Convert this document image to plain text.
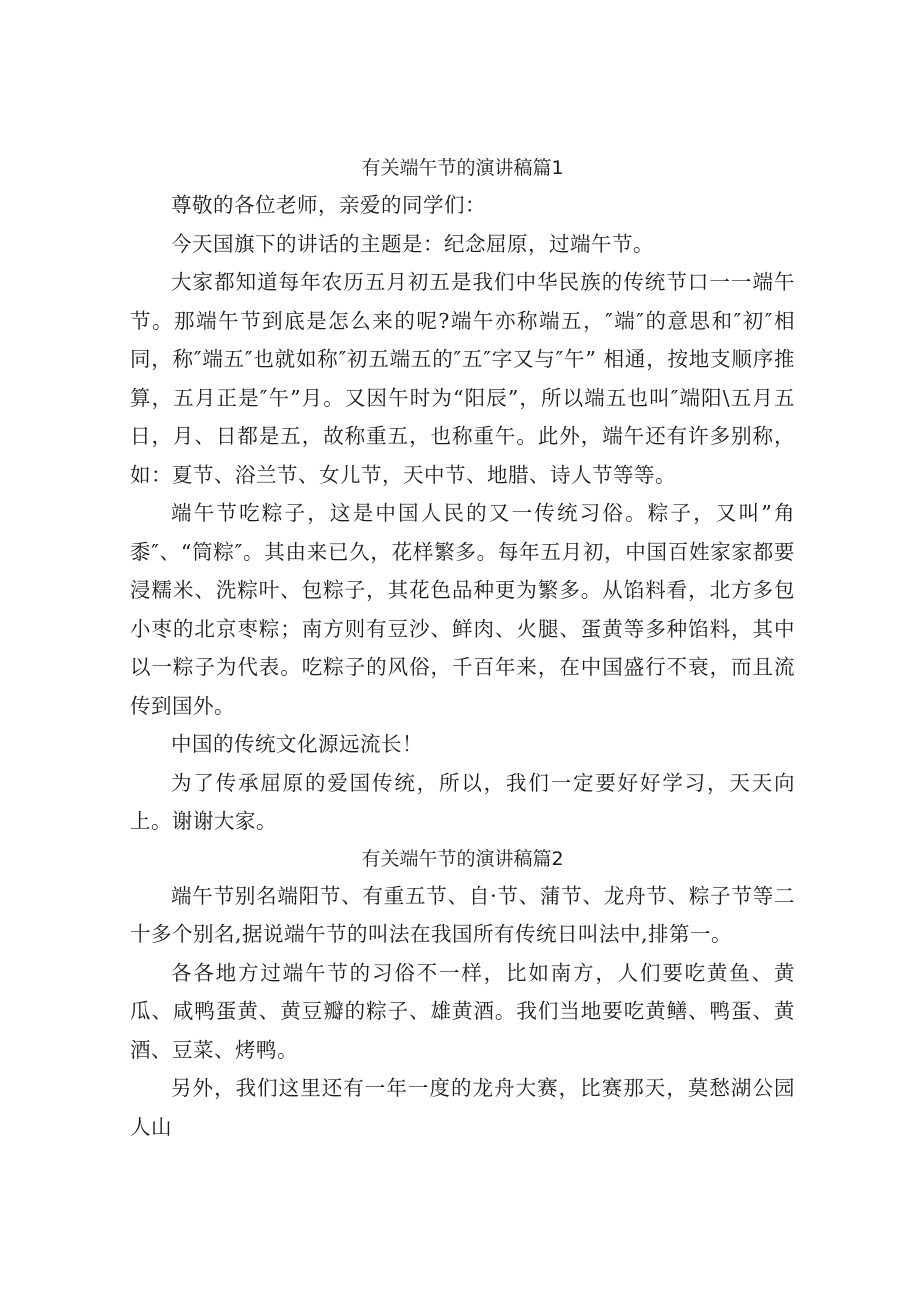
有关端午节的演讲稿篇1

尊敬的各位老师，亲爱的同学们：

今天国旗下的讲话的主题是：纪念屈原，过端午节。

大家都知道每年农历五月初五是我们中华民族的传统节口一一端午节。那端午节到底是怎么来的呢?端午亦称端五，″端″的意思和″初″相同，称″端五″也就如称″初五端五的″五″字又与″午” 相通，按地支顺序推算，五月正是″午”月。又因午时为“阳辰”，所以端五也叫″端阳\五月五日，月、日都是五，故称重五，也称重午。此外，端午还有许多别称，如：夏节、浴兰节、女儿节，天中节、地腊、诗人节等等。

端午节吃粽子，这是中国人民的又一传统习俗。粽子，又叫”角黍″、“筒粽″。其由来已久，花样繁多。每年五月初，中国百姓家家都要浸糯米、洗粽叶、包粽子，其花色品种更为繁多。从馅料看，北方多包小枣的北京枣粽；南方则有豆沙、鲜肉、火腿、蛋黄等多种馅料，其中以一粽子为代表。吃粽子的风俗，千百年来，在中国盛行不衰，而且流传到国外。

中国的传统文化源远流长！

为了传承屈原的爱国传统，所以，我们一定要好好学习，天天向上。谢谢大家。

有关端午节的演讲稿篇2

端午节别名端阳节、有重五节、自·节、蒲节、龙舟节、粽子节等二十多个别名,据说端午节的叫法在我国所有传统日叫法中,排第一。

各各地方过端午节的习俗不一样，比如南方，人们要吃黄鱼、黄瓜、咸鸭蛋黄、黄豆瓣的粽子、雄黄酒。我们当地要吃黄鳝、鸭蛋、黄酒、豆菜、烤鸭。

另外，我们这里还有一年一度的龙舟大赛，比赛那天，莫愁湖公园人山
